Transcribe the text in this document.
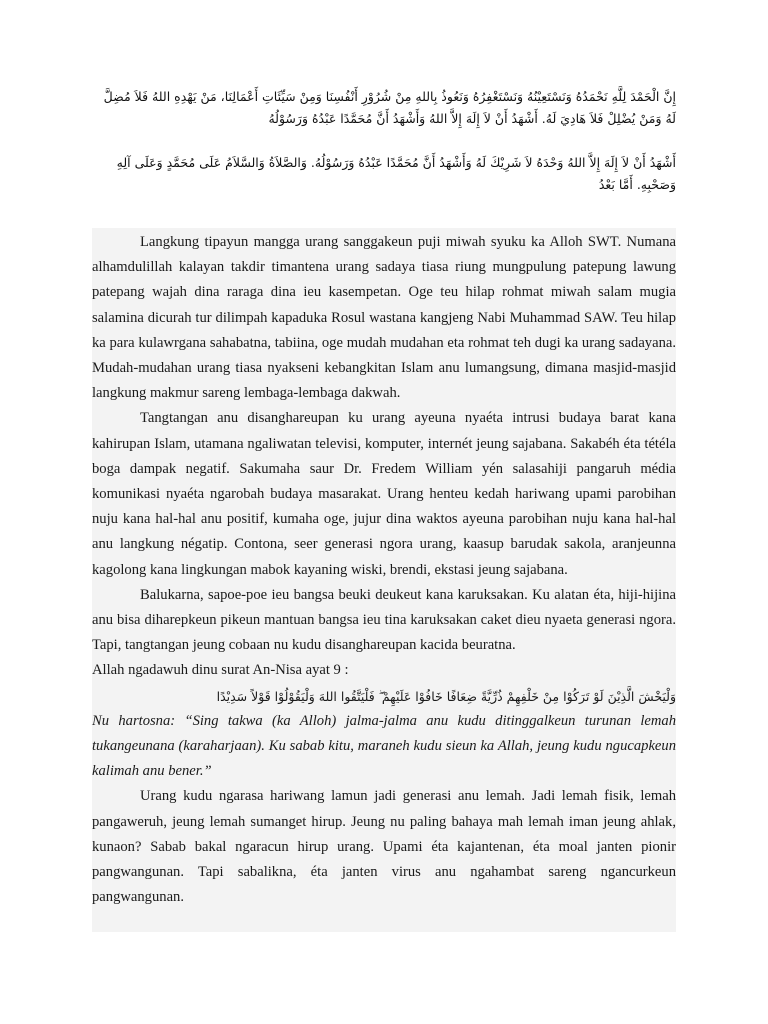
إِنَّ الْحَمْدَ لِلَّهِ نَحْمَدُهُ وَنَسْتَعِيْنُهُ وَنَسْتَغْفِرُهُ وَنَعُوذُ بِاللهِ مِنْ شُرُوْرِ أَنْفُسِنَا وَمِنْ سَيِّئَاتِ أَعْمَالِنَا، مَنْ يَهْدِهِ اللهُ فَلاَ مُضِلَّ لَهُ وَمَنْ يُضْلِلْ فَلاَ هَادِيَ لَهُ. أَشْهَدُ أَنْ لاَ إِلَهَ إِلاَّ اللهُ وَأَشْهَدُ أَنَّ مُحَمَّدًا عَبْدُهُ وَرَسُوْلُهُ
أَشْهَدُ أَنْ لاَ إِلَهَ إِلاَّ اللهُ وَحْدَهُ لاَ شَرِيْكَ لَهُ وَأَشْهَدُ أَنَّ مُحَمَّدًا عَبْدُهُ وَرَسُوْلُهُ. وَالصَّلاَةُ وَالسَّلاَمُ عَلَى مُحَمَّدٍ وَعَلَى آلِهِ وَصَحْبِهِ. أَمَّا بَعْدُ

Langkung tipayun mangga urang sanggakeun puji miwah syuku ka Alloh SWT. Numana alhamdulillah kalayan takdir timantena urang sadaya tiasa riung mungpulung patepung lawung patepang wajah dina raraga dina ieu kasempetan. Oge teu hilap rohmat miwah salam mugia salamina dicurah tur dilimpah kapaduka Rosul wastana kangjeng Nabi Muhammad SAW. Teu hilap ka para kulawrgana sahabatna, tabiina, oge mudah mudahan eta rohmat teh dugi ka urang sadayana. Mudah-mudahan urang tiasa nyakseni kebangkitan Islam anu lumangsung, dimana masjid-masjid langkung makmur sareng lembaga-lembaga dakwah.

Tangtangan anu disanghareupan ku urang ayeuna nyaéta intrusi budaya barat kana kahirupan Islam, utamana ngaliwatan televisi, komputer, internét jeung sajabana. Sakabéh éta tétéla boga dampak negatif. Sakumaha saur Dr. Fredem William yén salasahiji pangaruh média komunikasi nyaéta ngarobah budaya masarakat. Urang henteu kedah hariwang upami parobihan nuju kana hal-hal anu positif, kumaha oge, jujur dina waktos ayeuna parobihan nuju kana hal-hal anu langkung négatip. Contona, seer generasi ngora urang, kaasup barudak sakola, aranjeunna kagolong kana lingkungan mabok kayaning wiski, brendi, ekstasi jeung sajabana.

Balukarna, sapoe-poe ieu bangsa beuki deukeut kana karuksakan. Ku alatan éta, hiji-hijina anu bisa diharepkeun pikeun mantuan bangsa ieu tina karuksakan caket dieu nyaeta generasi ngora. Tapi, tangtangan jeung cobaan nu kudu disanghareupan kacida beuratna.

Allah ngadawuh dinu surat An-Nisa ayat 9 :

وَلْيَخْشَ الَّذِيْنَ لَوْ تَرَكُوْا مِنْ خَلْفِهِمْ ذُرِّيَّةً ضِعَافًا خَافُوْا عَلَيْهِمْ ۖ فَلْيَتَّقُوا اللهَ وَلْيَقُوْلُوْا قَوْلاً سَدِيْدًا

Nu hartosna: “Sing takwa (ka Alloh) jalma-jalma anu kudu ditinggalkeun turunan lemah tukangeunana (karaharjaan). Ku sabab kitu, maraneh kudu sieun ka Allah, jeung kudu ngucapkeun kalimah anu bener.”

Urang kudu ngarasa hariwang lamun jadi generasi anu lemah. Jadi lemah fisik, lemah pangaweruh, jeung lemah sumanget hirup. Jeung nu paling bahaya mah lemah iman jeung ahlak, kunaon? Sabab bakal ngaracun hirup urang. Upami éta kajantenan, éta moal janten pionir pangwangunan. Tapi sabalikna, éta janten virus anu ngahambat sareng ngancurkeun pangwangunan.
